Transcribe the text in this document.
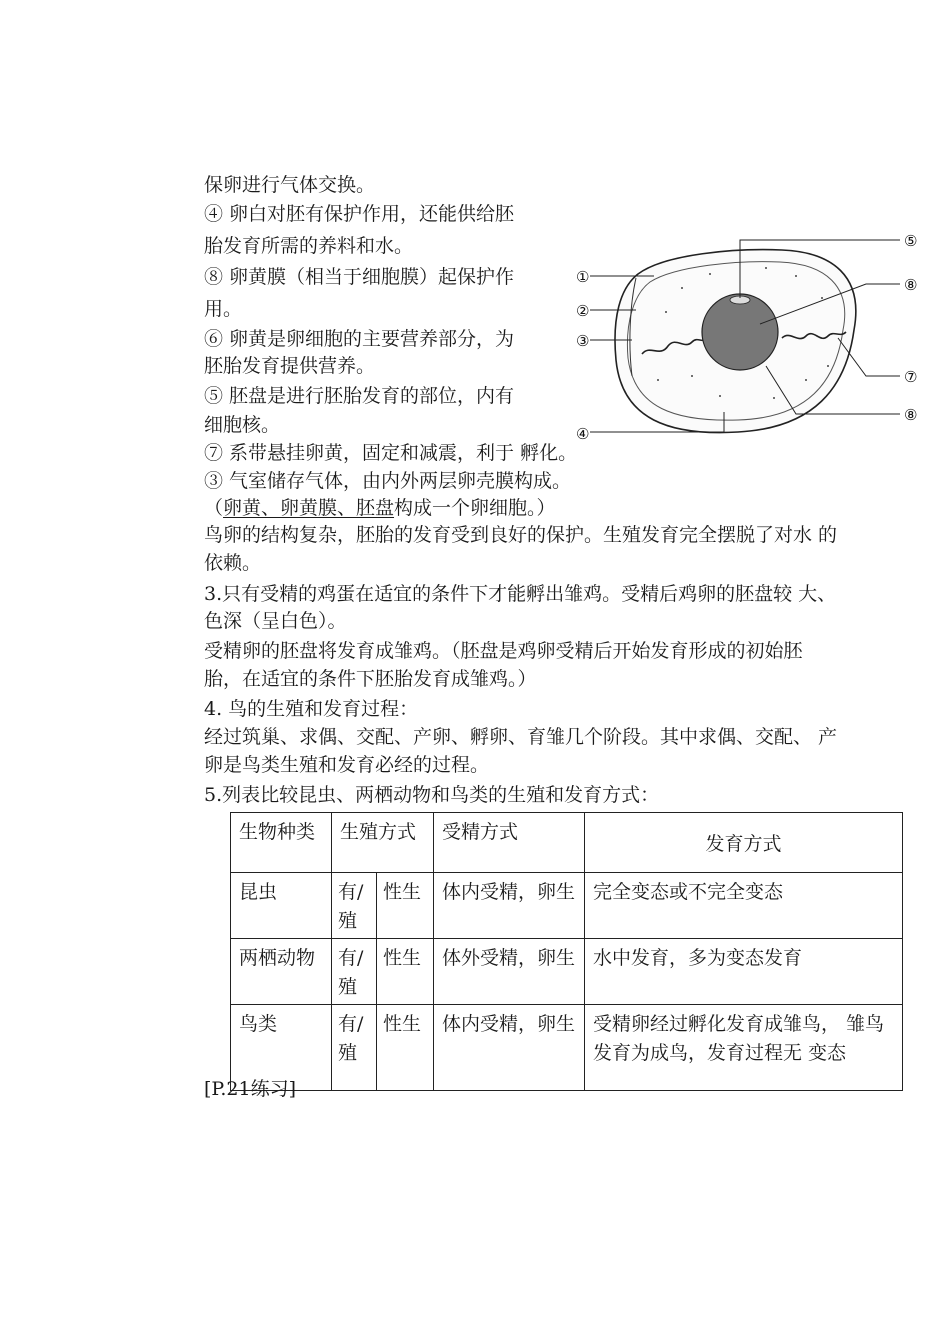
保卵进行气体交换。
④ 卵白对胚有保护作用，还能供给胚
胎发育所需的养料和水。
⑧ 卵黄膜（相当于细胞膜）起保护作
用。
⑥ 卵黄是卵细胞的主要营养部分，为
胚胎发育提供营养。
⑤ 胚盘是进行胚胎发育的部位，内有
细胞核。
⑦ 系带悬挂卵黄，固定和减震，利于 孵化。
③ 气室储存气体，由内外两层卵壳膜构成。
（卵黄、卵黄膜、胚盘构成一个卵细胞。）
鸟卵的结构复杂，胚胎的发育受到良好的保护。生殖发育完全摆脱了对水 的
依赖。
3.只有受精的鸡蛋在适宜的条件下才能孵出雏鸡。受精后鸡卵的胚盘较 大、
色深（呈白色）。
受精卵的胚盘将发育成雏鸡。（胚盘是鸡卵受精后开始发育形成的初始胚
胎，在适宜的条件下胚胎发育成雏鸡。）
4. 鸟的生殖和发育过程：
经过筑巢、求偶、交配、产卵、孵卵、育雏几个阶段。其中求偶、交配、 产
卵是鸟类生殖和发育必经的过程。
5.列表比较昆虫、两栖动物和鸟类的生殖和发育方式：
①
②
③
④
⑤
⑧
⑦
⑧
生物种类	生殖方式		受精方式	发育方式
昆虫	有/殖	性生	体内受精，卵生	完全变态或不完全变态
两栖动物	有/殖	性生	体外受精，卵生	水中发育，多为变态发育
鸟类	有/殖	性生	体内受精，卵生	受精卵经过孵化发育成雏鸟， 雏鸟发育为成鸟，发育过程无 变态
[P.21练习]
